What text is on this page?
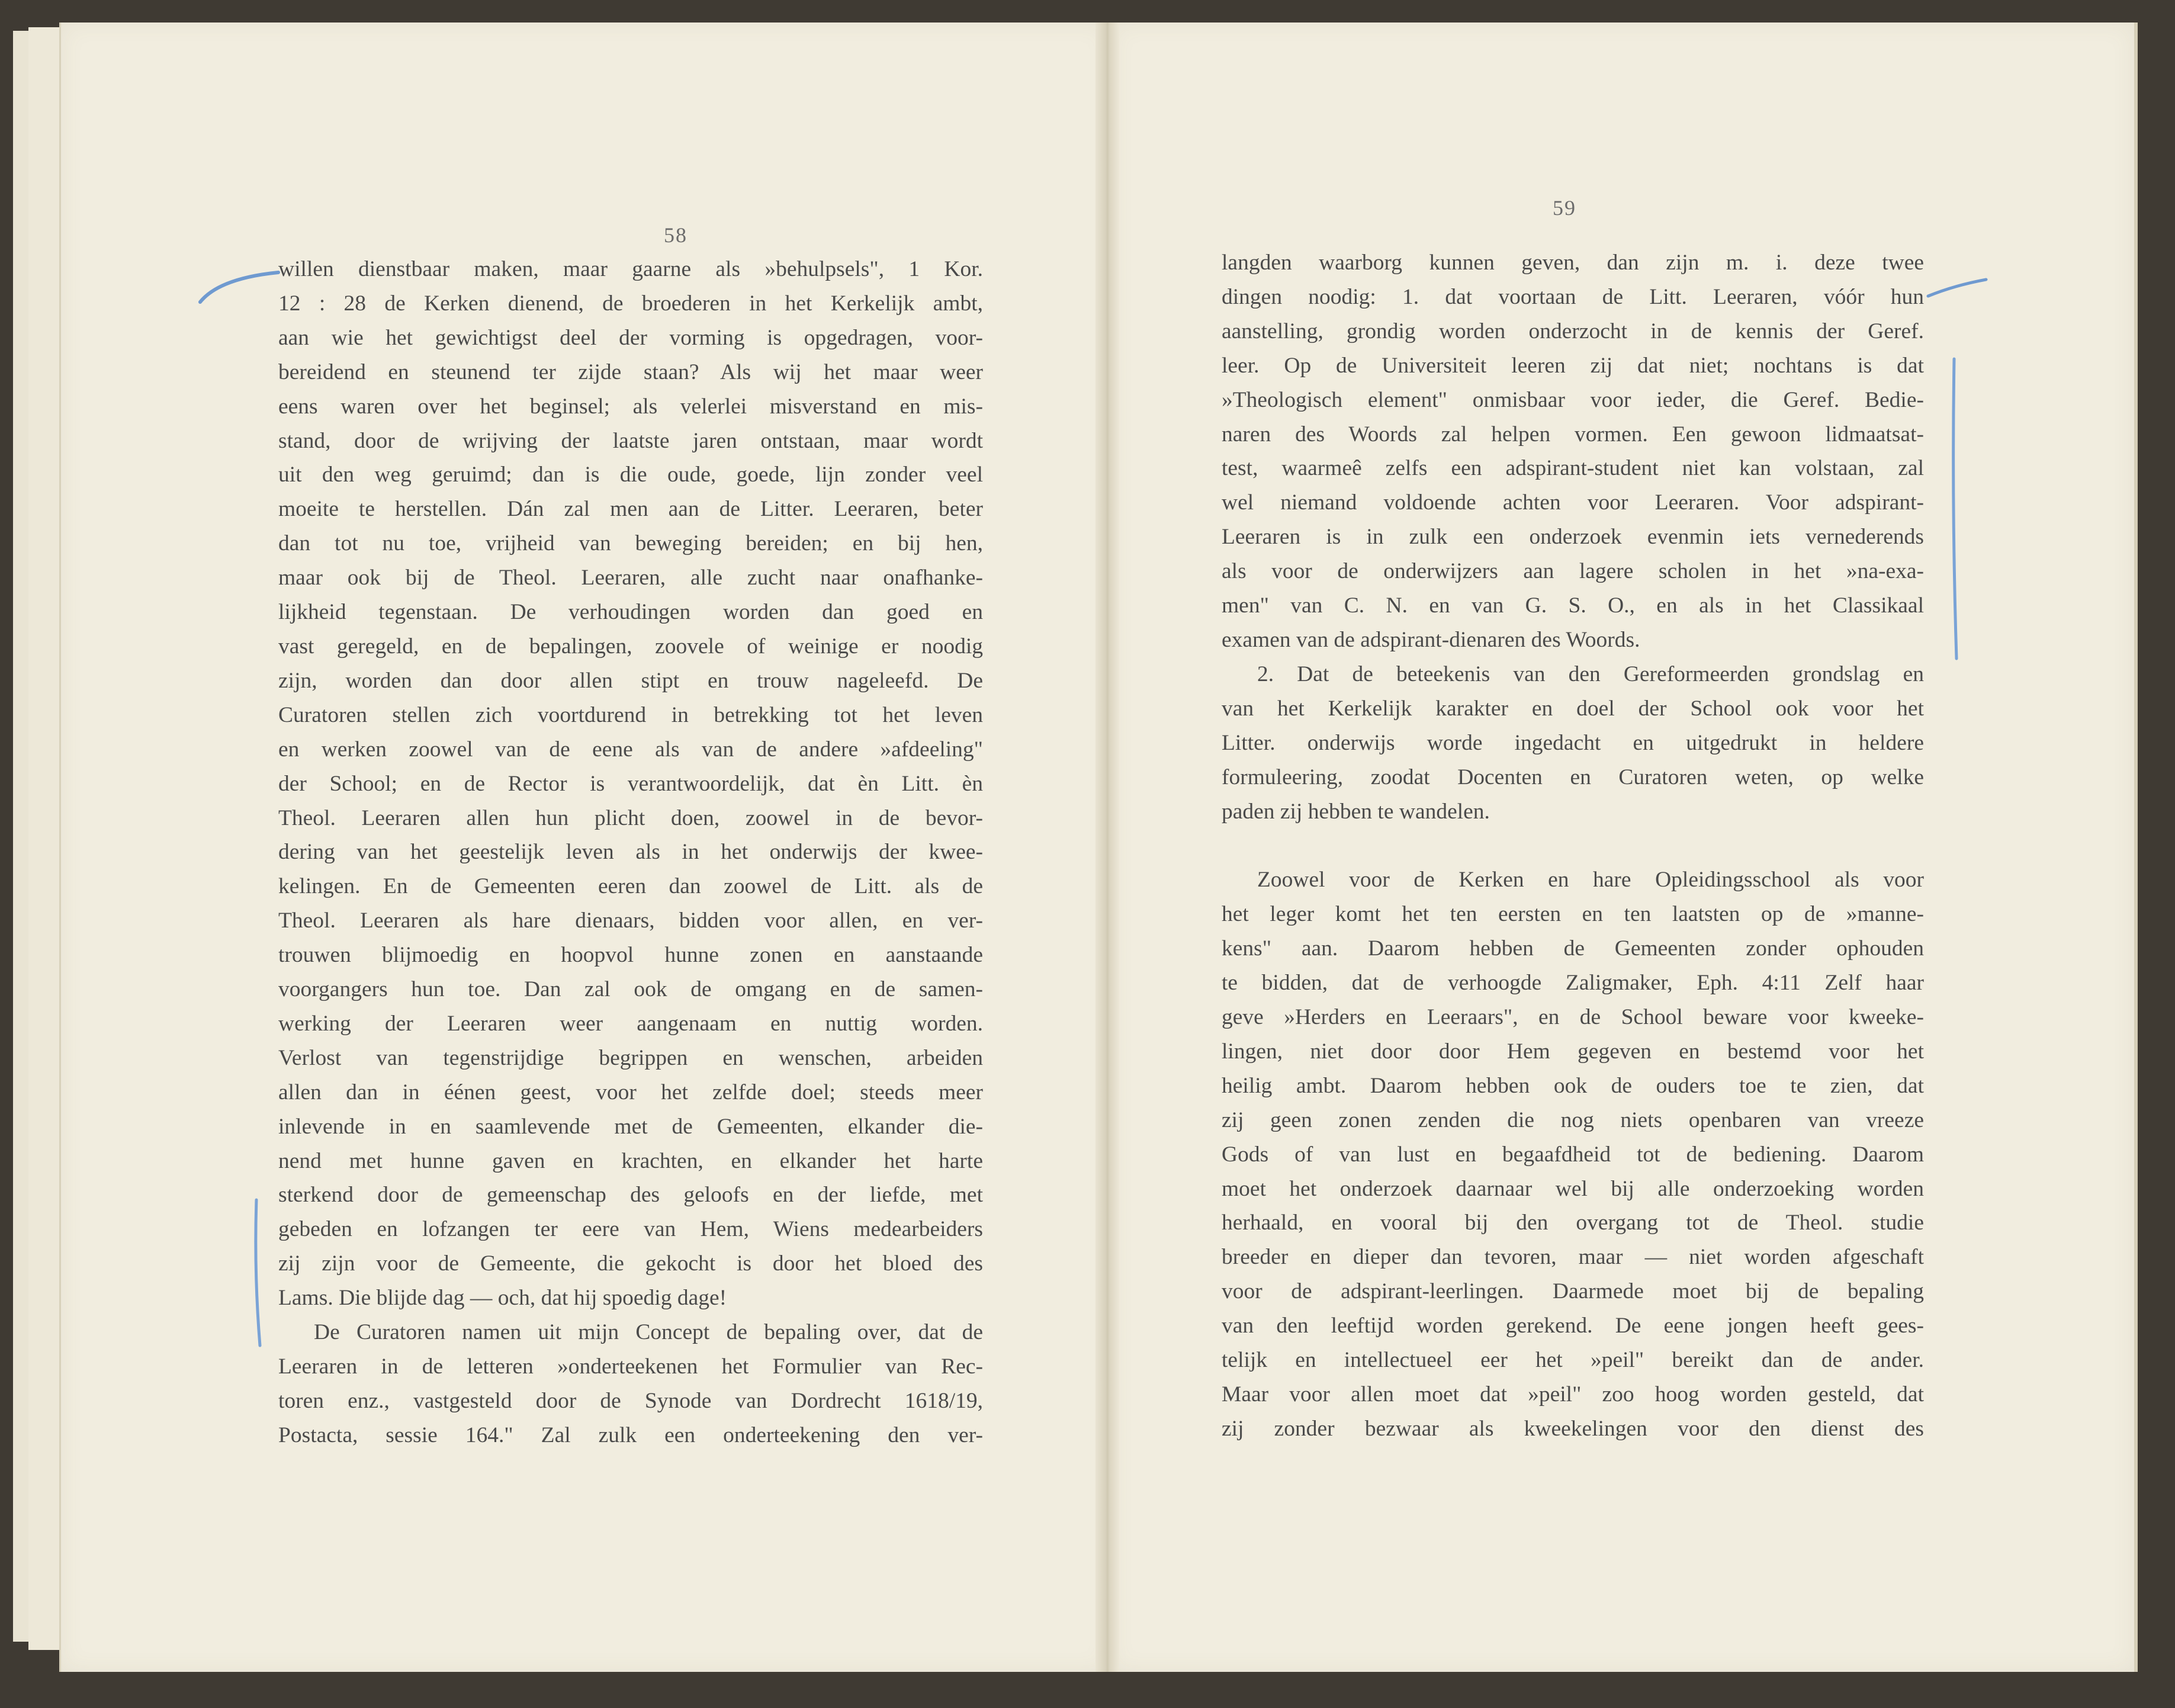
58
59
willen dienstbaar maken, maar gaarne als »behulpsels", 1 Kor.
12 : 28 de Kerken dienend, de broederen in het Kerkelijk ambt,
aan wie het gewichtigst deel der vorming is opgedragen, voor-
bereidend en steunend ter zijde staan? Als wij het maar weer
eens waren over het beginsel; als velerlei misverstand en mis-
stand, door de wrijving der laatste jaren ontstaan, maar wordt
uit den weg geruimd; dan is die oude, goede, lijn zonder veel
moeite te herstellen. Dán zal men aan de Litter. Leeraren, beter
dan tot nu toe, vrijheid van beweging bereiden; en bij hen,
maar ook bij de Theol. Leeraren, alle zucht naar onafhanke-
lijkheid tegenstaan. De verhoudingen worden dan goed en
vast geregeld, en de bepalingen, zoovele of weinige er noodig
zijn, worden dan door allen stipt en trouw nageleefd. De
Curatoren stellen zich voortdurend in betrekking tot het leven
en werken zoowel van de eene als van de andere »afdeeling"
der School; en de Rector is verantwoordelijk, dat èn Litt. èn
Theol. Leeraren allen hun plicht doen, zoowel in de bevor-
dering van het geestelijk leven als in het onderwijs der kwee-
kelingen. En de Gemeenten eeren dan zoowel de Litt. als de
Theol. Leeraren als hare dienaars, bidden voor allen, en ver-
trouwen blijmoedig en hoopvol hunne zonen en aanstaande
voorgangers hun toe. Dan zal ook de omgang en de samen-
werking der Leeraren weer aangenaam en nuttig worden.
Verlost van tegenstrijdige begrippen en wenschen, arbeiden
allen dan in éénen geest, voor het zelfde doel; steeds meer
inlevende in en saamlevende met de Gemeenten, elkander die-
nend met hunne gaven en krachten, en elkander het harte
sterkend door de gemeenschap des geloofs en der liefde, met
gebeden en lofzangen ter eere van Hem, Wiens medearbeiders
zij zijn voor de Gemeente, die gekocht is door het bloed des
Lams. Die blijde dag — och, dat hij spoedig dage!
De Curatoren namen uit mijn Concept de bepaling over, dat de
Leeraren in de letteren »onderteekenen het Formulier van Rec-
toren enz., vastgesteld door de Synode van Dordrecht 1618/19,
Postacta, sessie 164." Zal zulk een onderteekening den ver-
langden waarborg kunnen geven, dan zijn m. i. deze twee
dingen noodig: 1. dat voortaan de Litt. Leeraren, vóór hun
aanstelling, grondig worden onderzocht in de kennis der Geref.
leer. Op de Universiteit leeren zij dat niet; nochtans is dat
»Theologisch element" onmisbaar voor ieder, die Geref. Bedie-
naren des Woords zal helpen vormen. Een gewoon lidmaatsat-
test, waarmeê zelfs een adspirant-student niet kan volstaan, zal
wel niemand voldoende achten voor Leeraren. Voor adspirant-
Leeraren is in zulk een onderzoek evenmin iets vernederends
als voor de onderwijzers aan lagere scholen in het »na-exa-
men" van C. N. en van G. S. O., en als in het Classikaal
examen van de adspirant-dienaren des Woords.
2. Dat de beteekenis van den Gereformeerden grondslag en
van het Kerkelijk karakter en doel der School ook voor het
Litter. onderwijs worde ingedacht en uitgedrukt in heldere
formuleering, zoodat Docenten en Curatoren weten, op welke
paden zij hebben te wandelen.
Zoowel voor de Kerken en hare Opleidingsschool als voor
het leger komt het ten eersten en ten laatsten op de »manne-
kens" aan. Daarom hebben de Gemeenten zonder ophouden
te bidden, dat de verhoogde Zaligmaker, Eph. 4:11 Zelf haar
geve »Herders en Leeraars", en de School beware voor kweeke-
lingen, niet door door Hem gegeven en bestemd voor het
heilig ambt. Daarom hebben ook de ouders toe te zien, dat
zij geen zonen zenden die nog niets openbaren van vreeze
Gods of van lust en begaafdheid tot de bediening. Daarom
moet het onderzoek daarnaar wel bij alle onderzoeking worden
herhaald, en vooral bij den overgang tot de Theol. studie
breeder en dieper dan tevoren, maar — niet worden afgeschaft
voor de adspirant-leerlingen. Daarmede moet bij de bepaling
van den leeftijd worden gerekend. De eene jongen heeft gees-
telijk en intellectueel eer het »peil" bereikt dan de ander.
Maar voor allen moet dat »peil" zoo hoog worden gesteld, dat
zij zonder bezwaar als kweekelingen voor den dienst des
